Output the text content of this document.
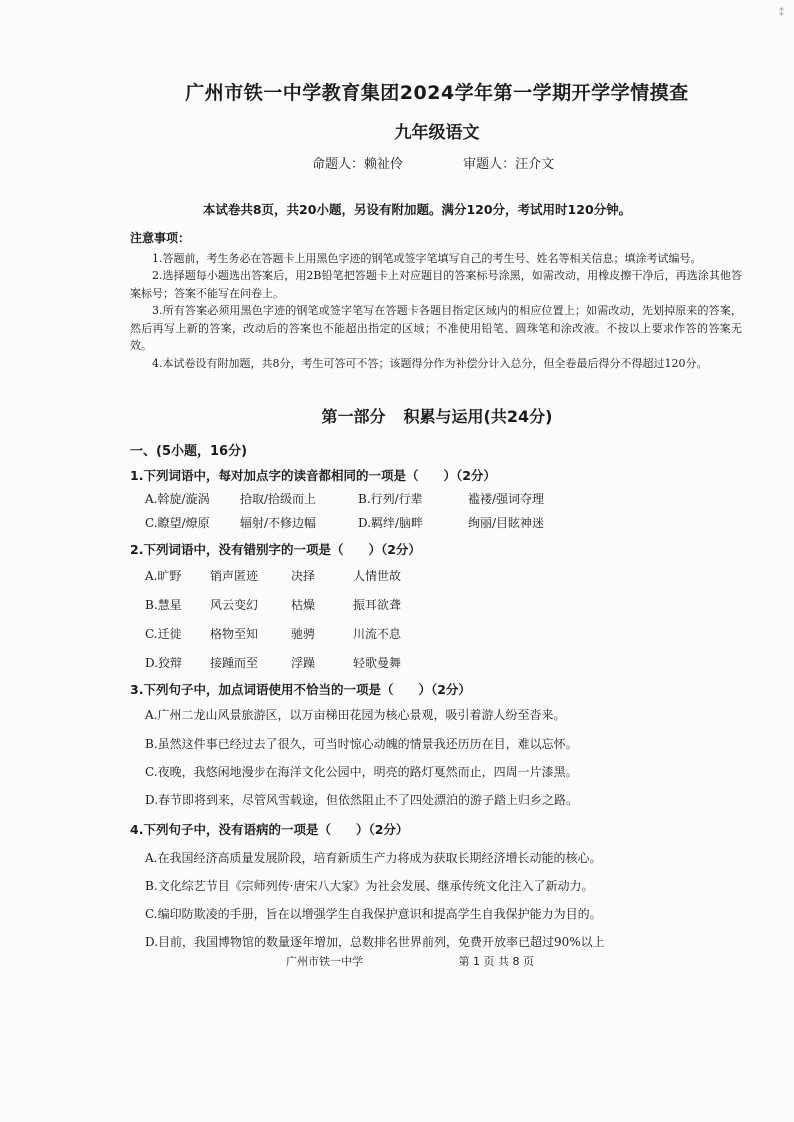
⁑
广州市铁一中学教育集团2024学年第一学期开学学情摸查
九年级语文
命题人：赖祉伶	审题人：汪介文
本试卷共8页，共20小题，另设有附加题。满分120分，考试用时120分钟。
注意事项：

1.答题前，考生务必在答题卡上用黑色字迹的钢笔或签字笔填写自己的考生号、姓名等相关信息；填涂考试编号。

2.选择题每小题选出答案后，用2B铅笔把答题卡上对应题目的答案标号涂黑，如需改动，用橡皮擦干净后，再选涂其他答案标号；答案不能写在问卷上。

3.所有答案必须用黑色字迹的钢笔或签字笔写在答题卡各题目指定区域内的相应位置上；如需改动，先划掉原来的答案，然后再写上新的答案，改动后的答案也不能超出指定的区域；不准使用铅笔、圆珠笔和涂改液。不按以上要求作答的答案无效。

4.本试卷设有附加题，共8分，考生可答可不答；该题得分作为补偿分计入总分，但全卷最后得分不得超过120分。

第一部分 积累与运用(共24分)
一、(5小题，16分)
1.下列词语中，每对加点字的读音都相同的一项是（　　）（2分）
A.斡旋/漩涡	拾取/拾级而上	B.行列/行辈	褴褛/强词夺理
C.瞭望/燎原	辐射/不修边幅	D.羁绊/脑畔	绚丽/目眩神迷
2.下列词语中，没有错别字的一项是（　　）（2分）
A.旷野 销声匿迹	决择	人情世故
B.慧星 风云变幻	枯燥	振耳欲聋
C.迁徙 格物至知	驰骋	川流不息
D.狡辩 接踵而至	浮躁	轻歌曼舞
3.下列句子中，加点词语使用不恰当的一项是（　　）（2分）
A.广州二龙山风景旅游区，以万亩梯田花园为核心景观，吸引着游人纷至沓来。
B.虽然这件事已经过去了很久，可当时惊心动魄的情景我还历历在目，难以忘怀。
C.夜晚，我悠闲地漫步在海洋文化公园中，明亮的路灯戛然而止，四周一片漆黑。
D.春节即将到来，尽管风雪载途，但依然阻止不了四处漂泊的游子踏上归乡之路。
4.下列句子中，没有语病的一项是（　　）（2分）
A.在我国经济高质量发展阶段，培育新质生产力将成为获取长期经济增长动能的核心。
B.文化综艺节目《宗师列传·唐宋八大家》为社会发展、继承传统文化注入了新动力。
C.编印防欺凌的手册，旨在以增强学生自我保护意识和提高学生自我保护能力为目的。
D.目前，我国博物馆的数量逐年增加，总数排名世界前列，免费开放率已超过90%以上
广州市铁一中学	第 1 页 共 8 页
